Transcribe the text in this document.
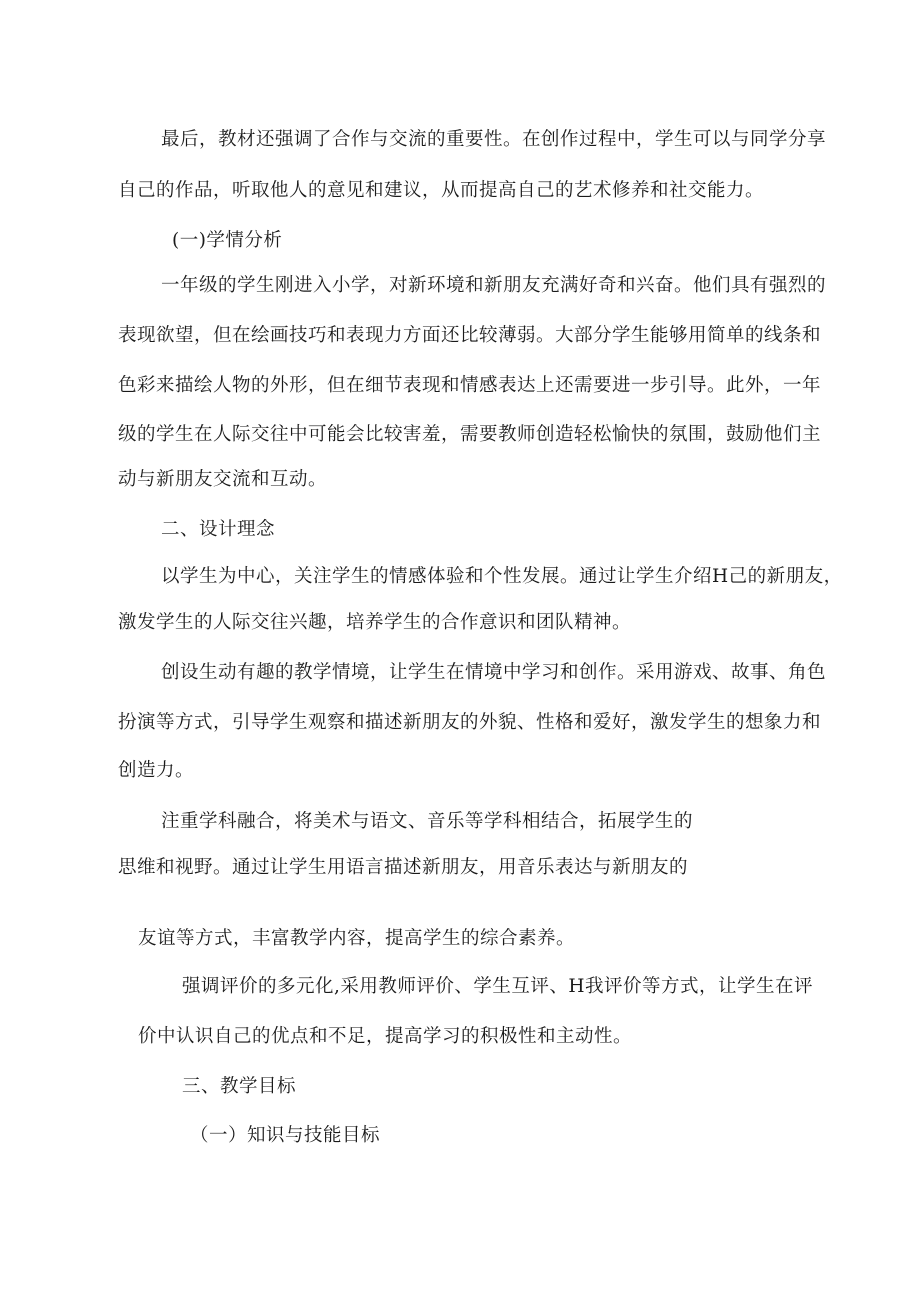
最后，教材还强调了合作与交流的重要性。在创作过程中，学生可以与同学分享
自己的作品，听取他人的意见和建议，从而提高自己的艺术修养和社交能力。
(一)学情分析
一年级的学生刚进入小学，对新环境和新朋友充满好奇和兴奋。他们具有强烈的
表现欲望，但在绘画技巧和表现力方面还比较薄弱。大部分学生能够用简单的线条和
色彩来描绘人物的外形，但在细节表现和情感表达上还需要进一步引导。此外，一年
级的学生在人际交往中可能会比较害羞，需要教师创造轻松愉快的氛围，鼓励他们主
动与新朋友交流和互动。
二、设计理念
以学生为中心，关注学生的情感体验和个性发展。通过让学生介绍H己的新朋友，
激发学生的人际交往兴趣，培养学生的合作意识和团队精神。
创设生动有趣的教学情境，让学生在情境中学习和创作。采用游戏、故事、角色
扮演等方式，引导学生观察和描述新朋友的外貌、性格和爱好，激发学生的想象力和
创造力。
注重学科融合，将美术与语文、音乐等学科相结合，拓展学生的
思维和视野。通过让学生用语言描述新朋友，用音乐表达与新朋友的
友谊等方式，丰富教学内容，提高学生的综合素养。
强调评价的多元化,采用教师评价、学生互评、H我评价等方式，让学生在评
价中认识自己的优点和不足，提高学习的积极性和主动性。
三、教学目标
（一）知识与技能目标
